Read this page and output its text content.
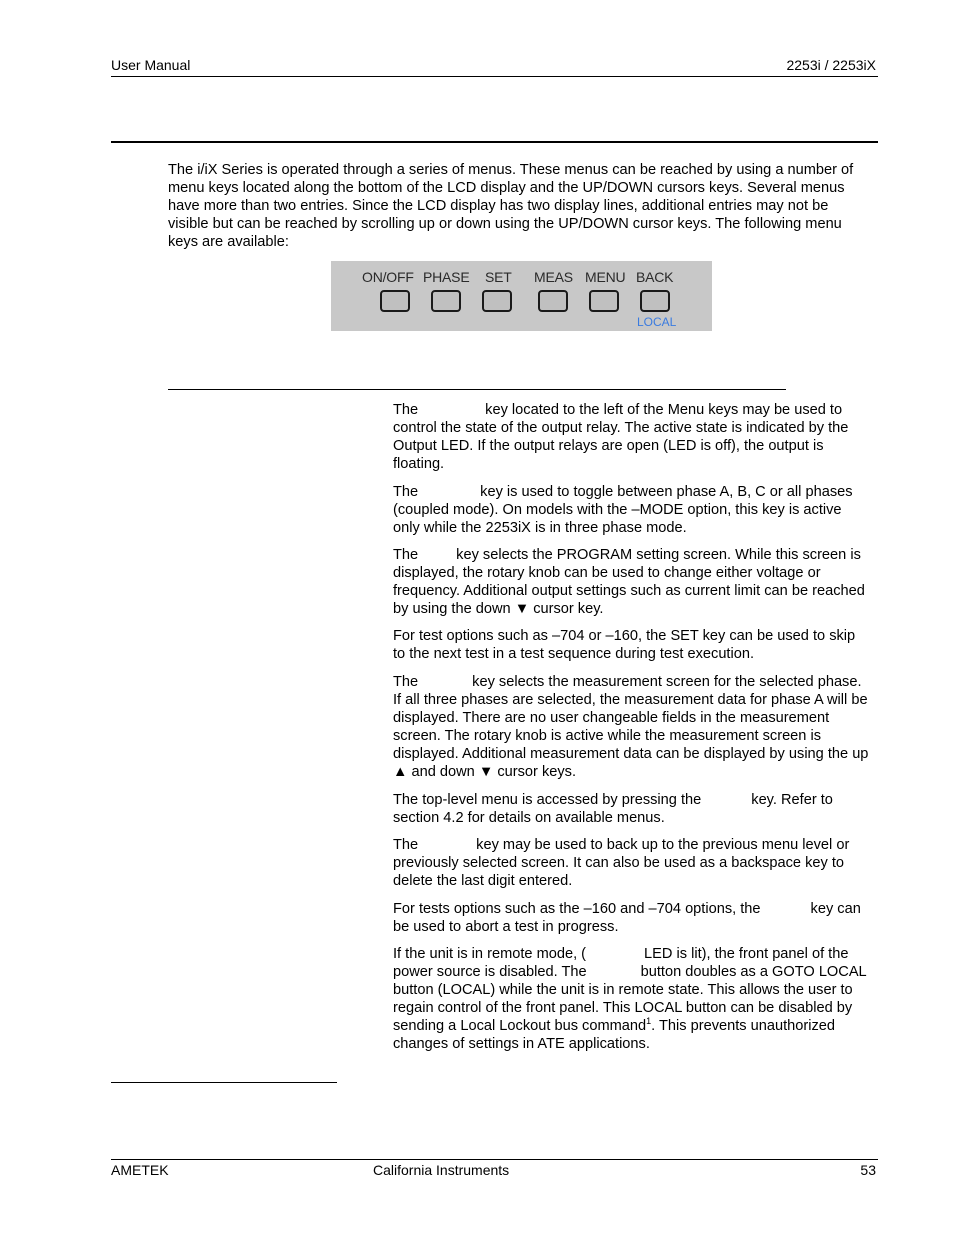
User Manual	2253i / 2253iX

The i/iX Series is operated through a series of menus. These menus can be reached by using a number of menu keys located along the bottom of the LCD display and the UP/DOWN cursors keys. Several menus have more than two entries. Since the LCD display has two display lines, additional entries may not be visible but can be reached by scrolling up or down using the UP/DOWN cursor keys. The following menu keys are available:

ON/OFF PHASE SET MEAS MENU BACK
LOCAL

The	key located to the left of the Menu keys may be used to control the state of the output relay. The active state is indicated by the Output LED. If the output relays are open (LED is off), the output is floating.

The	key is used to toggle between phase A, B, C or all phases (coupled mode). On models with the –MODE option, this key is active only while the 2253iX is in three phase mode.

The	key selects the PROGRAM setting screen. While this screen is displayed, the rotary knob can be used to change either voltage or frequency. Additional output settings such as current limit can be reached by using the down ▼ cursor key.

For test options such as –704 or –160, the SET key can be used to skip to the next test in a test sequence during test execution.

The	key selects the measurement screen for the selected phase. If all three phases are selected, the measurement data for phase A will be displayed. There are no user changeable fields in the measurement screen. The rotary knob is active while the measurement screen is displayed. Additional measurement data can be displayed by using the up ▲ and down ▼ cursor keys.

The top-level menu is accessed by pressing the	key. Refer to section 4.2 for details on available menus.

The	key may be used to back up to the previous menu level or previously selected screen. It can also be used as a backspace key to delete the last digit entered.

For tests options such as the –160 and –704 options, the	key can be used to abort a test in progress.

If the unit is in remote mode, (	LED is lit), the front panel of the power source is disabled. The	button doubles as a GOTO LOCAL button (LOCAL) while the unit is in remote state. This allows the user to regain control of the front panel. This LOCAL button can be disabled by sending a Local Lockout bus command$^1$. This prevents unauthorized changes of settings in ATE applications.

AMETEK	California Instruments	53
